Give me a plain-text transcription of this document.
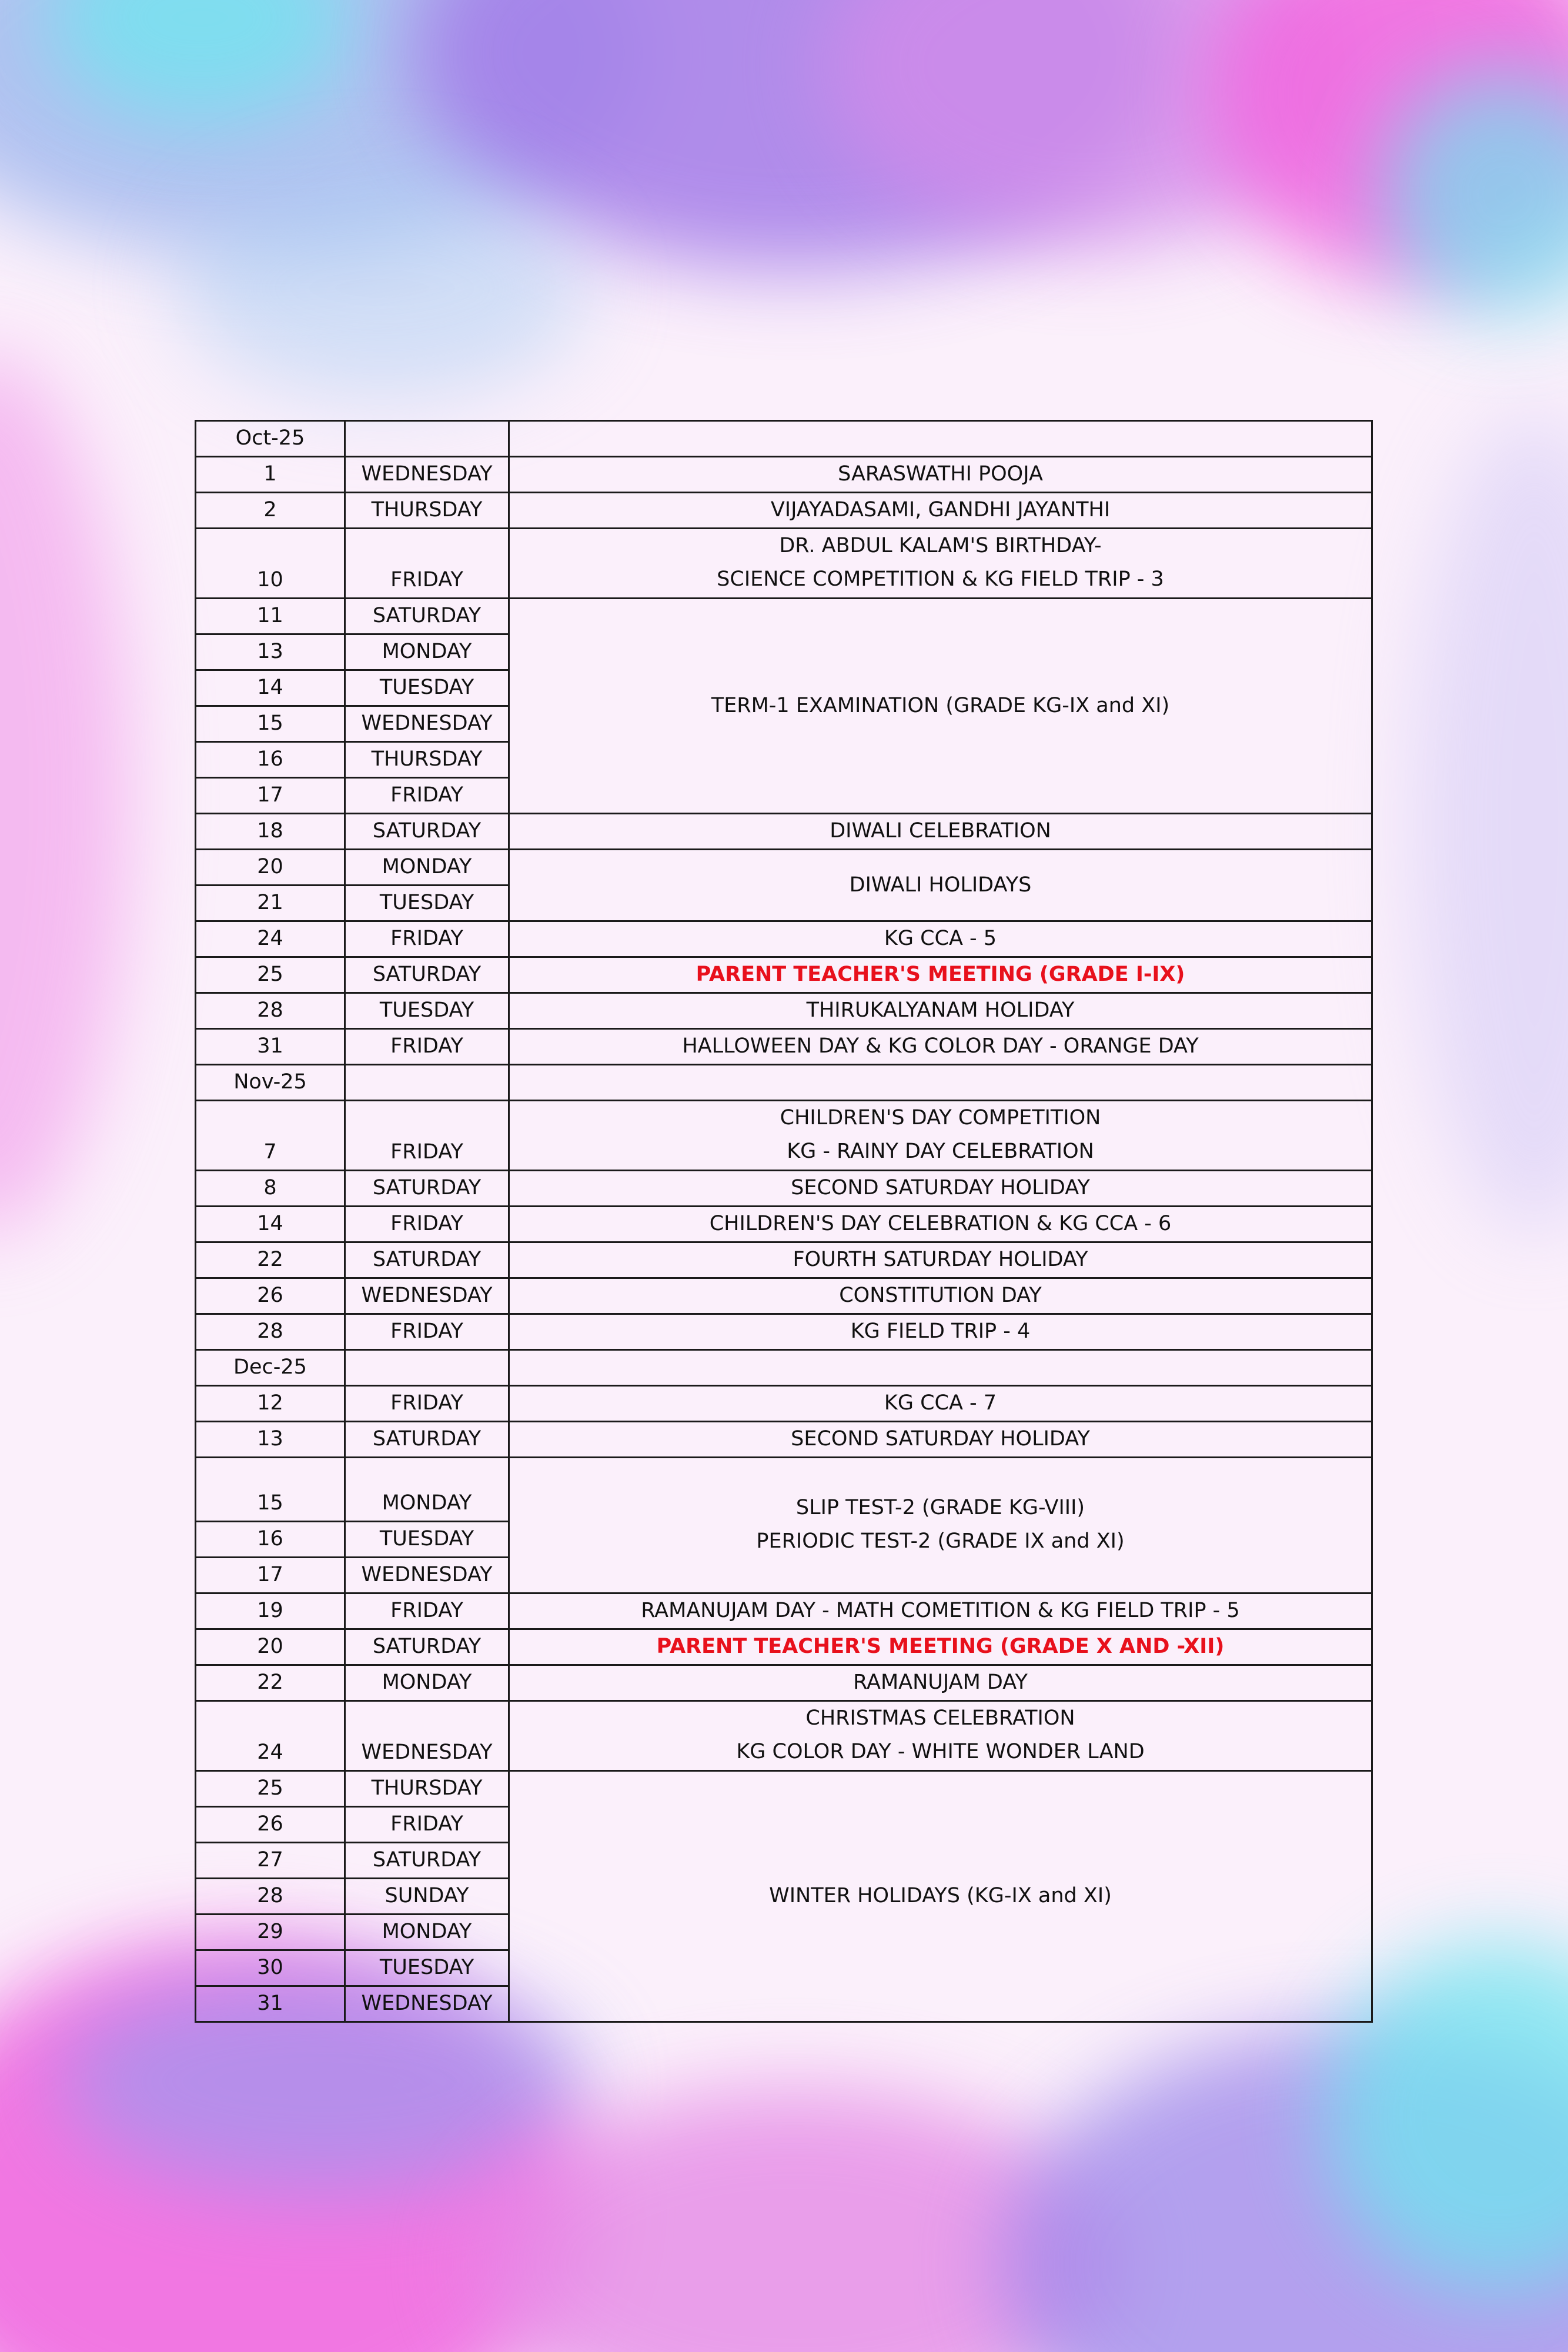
Oct-25		
1	WEDNESDAY	SARASWATHI POOJA
2	THURSDAY	VIJAYADASAMI, GANDHI JAYANTHI
10	FRIDAY	DR. ABDUL KALAM'S BIRTHDAY-
SCIENCE COMPETITION & KG FIELD TRIP - 3

11	SATURDAY	TERM-1 EXAMINATION (GRADE KG-IX and XI)
13	MONDAY	
14	TUESDAY	
15	WEDNESDAY	
16	THURSDAY	
17	FRIDAY	
18	SATURDAY	DIWALI CELEBRATION
20	MONDAY	DIWALI HOLIDAYS
21	TUESDAY	
24	FRIDAY	KG CCA - 5
25	SATURDAY	PARENT TEACHER'S MEETING (GRADE I-IX)
28	TUESDAY	THIRUKALYANAM HOLIDAY
31	FRIDAY	HALLOWEEN DAY & KG COLOR DAY - ORANGE DAY
Nov-25		
7	FRIDAY	CHILDREN'S DAY COMPETITION
KG - RAINY DAY CELEBRATION

8	SATURDAY	SECOND SATURDAY HOLIDAY
14	FRIDAY	CHILDREN'S DAY CELEBRATION & KG CCA - 6
22	SATURDAY	FOURTH SATURDAY HOLIDAY
26	WEDNESDAY	CONSTITUTION DAY
28	FRIDAY	KG FIELD TRIP - 4
Dec-25		
12	FRIDAY	KG CCA - 7
13	SATURDAY	SECOND SATURDAY HOLIDAY
15	MONDAY	SLIP TEST-2 (GRADE KG-VIII)
PERIODIC TEST-2 (GRADE IX and XI)

16	TUESDAY	
17	WEDNESDAY	
19	FRIDAY	RAMANUJAM DAY - MATH COMETITION & KG FIELD TRIP - 5
20	SATURDAY	PARENT TEACHER'S MEETING (GRADE X AND -XII)
22	MONDAY	RAMANUJAM DAY
24	WEDNESDAY	CHRISTMAS CELEBRATION
KG COLOR DAY - WHITE WONDER LAND

25	THURSDAY	WINTER HOLIDAYS (KG-IX and XI)
26	FRIDAY	
27	SATURDAY	
28	SUNDAY	
29	MONDAY	
30	TUESDAY	
31	WEDNESDAY	
